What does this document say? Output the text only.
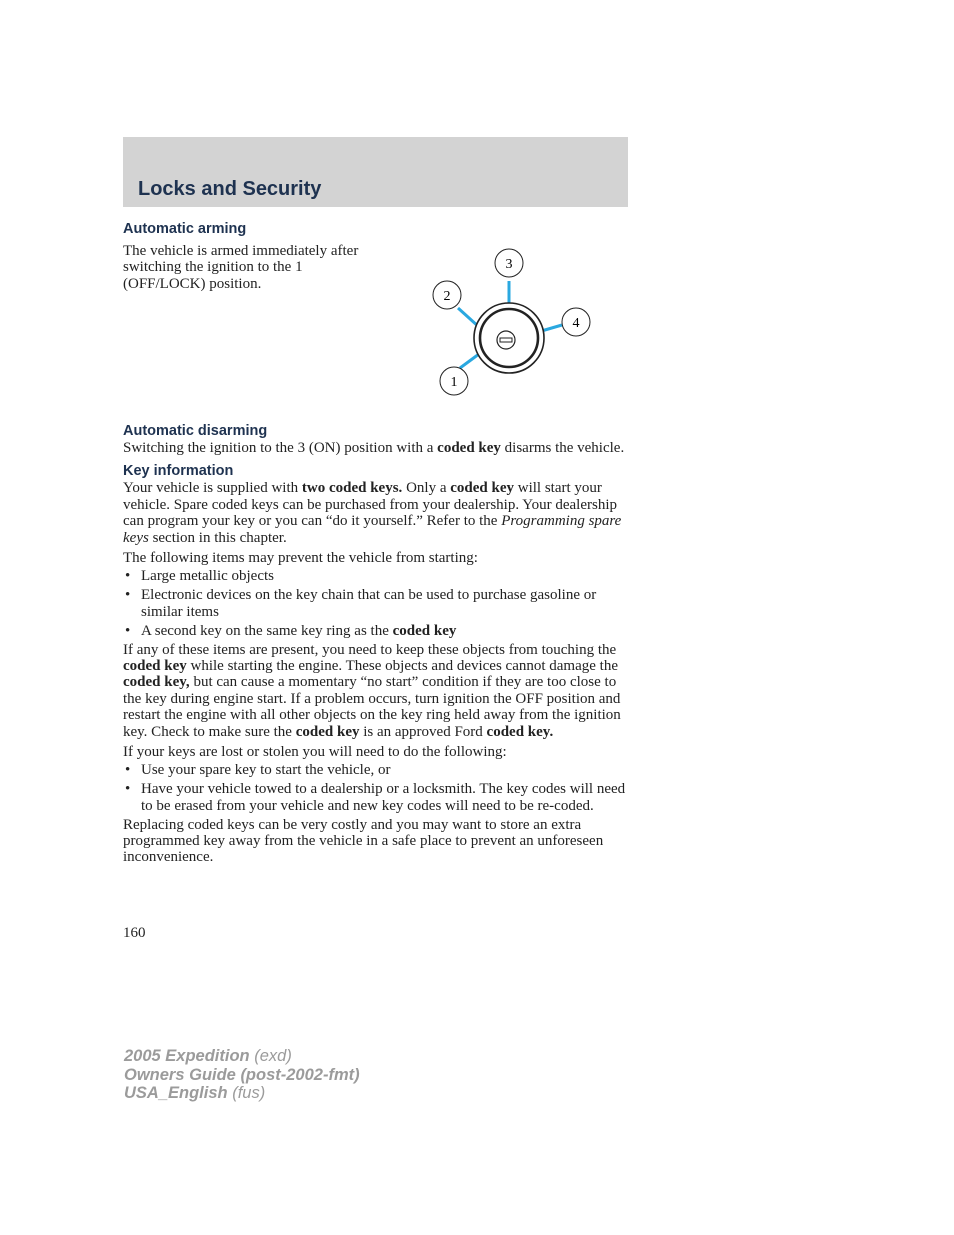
Locks and Security
Automatic arming

The vehicle is armed immediately after switching the ignition to the 1 (OFF/LOCK) position.

3
2
4
1
Automatic disarming

Switching the ignition to the 3 (ON) position with a coded key disarms the vehicle.

Key information

Your vehicle is supplied with two coded keys. Only a coded key will start your vehicle. Spare coded keys can be purchased from your dealership. Your dealership can program your key or you can “do it yourself.” Refer to the Programming spare keys section in this chapter.

The following items may prevent the vehicle from starting:

• Large metallic objects
• Electronic devices on the key chain that can be used to purchase gasoline or similar items
• A second key on the same key ring as the coded key

If any of these items are present, you need to keep these objects from touching the coded key while starting the engine. These objects and devices cannot damage the coded key, but can cause a momentary “no start” condition if they are too close to the key during engine start. If a problem occurs, turn ignition the OFF position and restart the engine with all other objects on the key ring held away from the ignition key. Check to make sure the coded key is an approved Ford coded key.

If your keys are lost or stolen you will need to do the following:

• Use your spare key to start the vehicle, or
• Have your vehicle towed to a dealership or a locksmith. The key codes will need to be erased from your vehicle and new key codes will need to be re-coded.

Replacing coded keys can be very costly and you may want to store an extra programmed key away from the vehicle in a safe place to prevent an unforeseen inconvenience.

160
2005 Expedition (exd)
Owners Guide (post-2002-fmt)
USA_English (fus)
